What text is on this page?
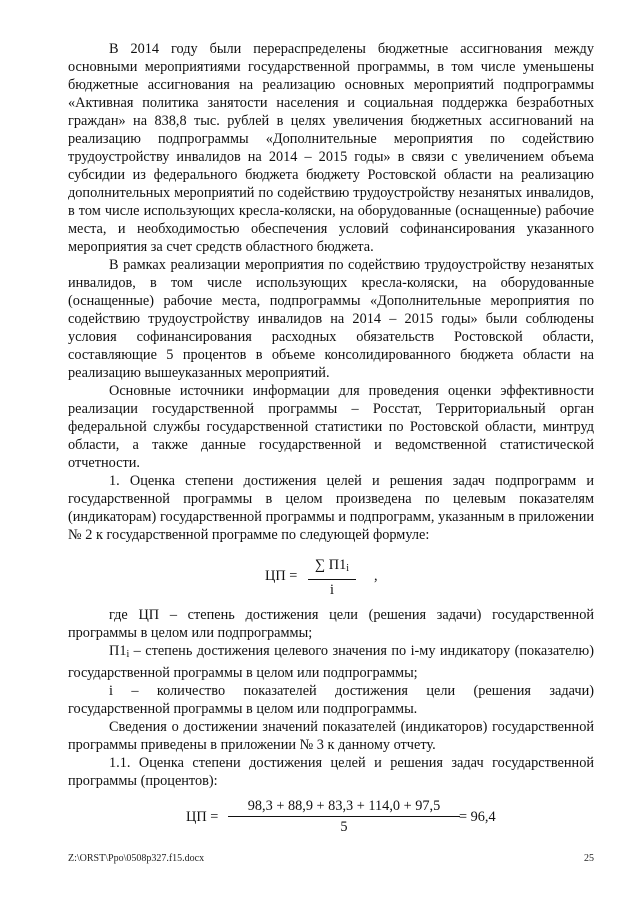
В 2014 году были перераспределены бюджетные ассигнования между основными мероприятиями государственной программы, в том числе уменьшены бюджетные ассигнования на реализацию основных мероприятий подпрограммы «Активная политика занятости населения и социальная поддержка безработных граждан» на 838,8 тыс. рублей в целях увеличения бюджетных ассигнований на реализацию подпрограммы «Дополнительные мероприятия по содействию трудоустройству инвалидов на 2014 – 2015 годы» в связи с увеличением объема субсидии из федерального бюджета бюджету Ростовской области на реализацию дополнительных мероприятий по содействию трудоустройству незанятых инвалидов, в том числе использующих кресла-коляски, на оборудованные (оснащенные) рабочие места, и необходимостью обеспечения условий софинансирования указанного мероприятия за счет средств областного бюджета.

В рамках реализации мероприятия по содействию трудоустройству незанятых инвалидов, в том числе использующих кресла-коляски, на оборудованные (оснащенные) рабочие места, подпрограммы «Дополнительные мероприятия по содействию трудоустройству инвалидов на 2014 – 2015 годы» были соблюдены условия софинансирования расходных обязательств Ростовской области, составляющие 5 процентов в объеме консолидированного бюджета области на реализацию вышеуказанных мероприятий.

Основные источники информации для проведения оценки эффективности реализации государственной программы – Росстат, Территориальный орган федеральной службы государственной статистики по Ростовской области, минтруд области, а также данные государственной и ведомственной статистической отчетности.

1. Оценка степени достижения целей и решения задач подпрограмм и государственной программы в целом произведена по целевым показателям (индикаторам) государственной программы и подпрограмм, указанным в приложении № 2 к государственной программе по следующей формуле:

ЦП =
∑ $П1_i$
i
,

где ЦП – степень достижения цели (решения задачи) государственной программы в целом или подпрограммы;

$П1_i$ – степень достижения целевого значения по i-му индикатору (показателю) государственной программы в целом или подпрограммы;

i – количество показателей достижения цели (решения задачи) государственной программы в целом или подпрограммы.

Сведения о достижении значений показателей (индикаторов) государственной программы приведены в приложении № 3 к данному отчету.

1.1. Оценка степени достижения целей и решения задач государственной программы (процентов):

ЦП = $\frac{98,3 + 88,9 + 83,3 + 114,0 + 97,5}{5} = 96,4$
Z:\ORST\Ppo\0508p327.f15.docx	25
